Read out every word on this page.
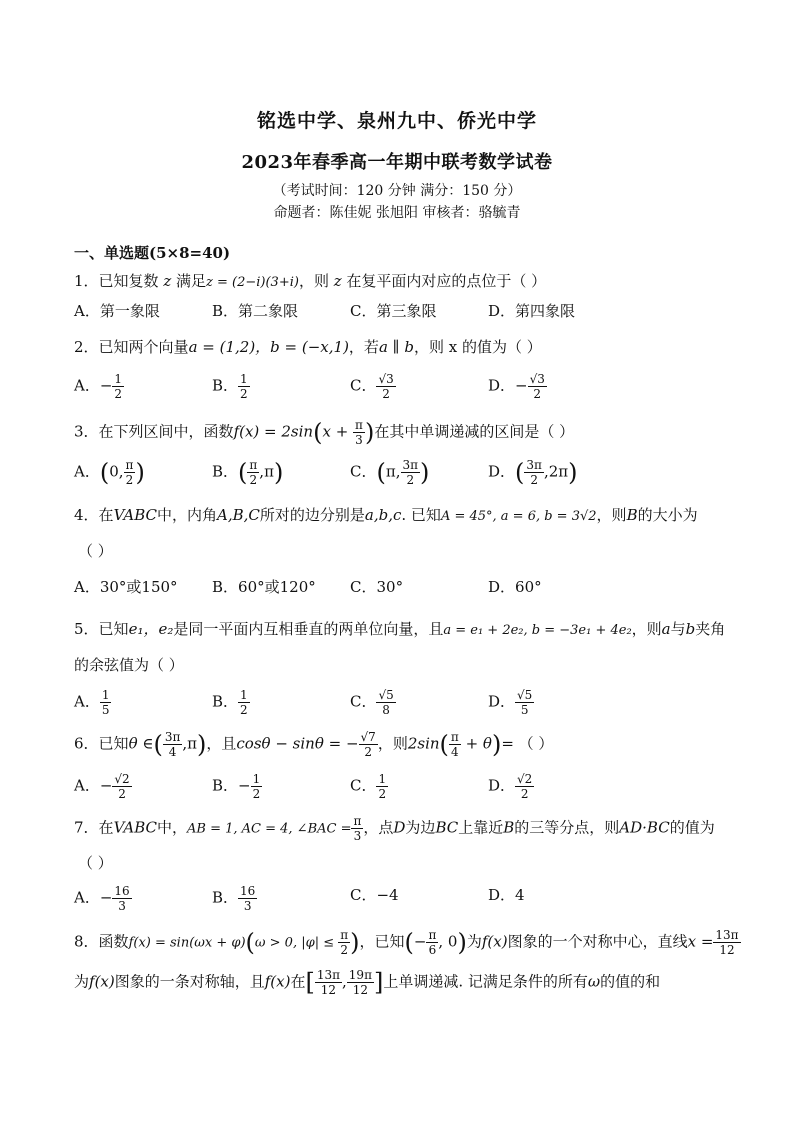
铭选中学、泉州九中、侨光中学
2023年春季高一年期中联考数学试卷
（考试时间：120 分钟 满分：150 分）
命题者：陈佳妮 张旭阳 审核者：骆毓青
一、单选题(5×8=40)
1．已知复数 z 满足z = (2−i)(3+i)，则 z 在复平面内对应的点位于（ ）
A．第一象限	B．第二象限	C．第三象限	D．第四象限
2．已知两个向量a = (1,2)，b = (−x,1)，若a ∥ b，则 x 的值为（ ）
A．− $\frac{1}{2}$	B． $\frac{1}{2}$	C． $\frac{√3}{2}$	D．− $\frac{√3}{2}$
3．在下列区间中，函数$f(x) = 2\sin(x + \frac{\pi}{3}$ )在其中单调递减的区间是（ ）
A．(0, $\frac{\pi}{2}$ )	B．( $\frac{\pi}{2} ,\pi$)	C．(π, $\frac{3\pi}{2}$ )	D．( $\frac{3\pi}{2} ,2\pi$)
4．在VABC中，内角A,B,C所对的边分别是a,b,c. 已知A = 45°, a = 6, b = 3√2，则B的大小为
（ ）
A．30°或150° B．60°或120° C．30°	D．60°
5．已知e₁，e₂是同一平面内互相垂直的两单位向量，且a = e₁ + 2e₂, b = −3e₁ + 4e₂，则a与b夹角
的余弦值为（ ）
A． $\frac{1}{5}$	B． $\frac{1}{2}$	C． $\frac{√5}{8}$	D． $\frac{√5}{5}$
6．已知θ ∈( $\frac{3\pi}{4} ,\pi$)，且cosθ − sinθ = − $\frac{√7}{2}$ ，则$2\sin( \frac{\pi}{4} + \theta)=$ （ ）
A．− $\frac{√2}{2}$	B．− $\frac{1}{2}$	C． $\frac{1}{2}$	D． $\frac{√2}{2}$
7．在VABC中，AB = 1, AC = 4, ∠BAC = $\frac{\pi}{3}$ ，点D为边BC上靠近B的三等分点，则AD·BC的值为
（ ）
A．− $\frac{16}{3}$	B． $\frac{16}{3}$	C．−4	D．4
8．函数f(x) = sin(ωx + φ)(ω > 0, $|\varphi| \le \frac{\pi}{2}$ )，已知(− $\frac{\pi}{6}$ , 0)为f(x)图象的一个对称中心，直线$x = \frac{13\pi}{12}$
为f(x)图象的一条对称轴，且f(x)在[ $\frac{13\pi}{12}$ , $\frac{19\pi}{12}$ ]上单调递减. 记满足条件的所有ω的值的和
